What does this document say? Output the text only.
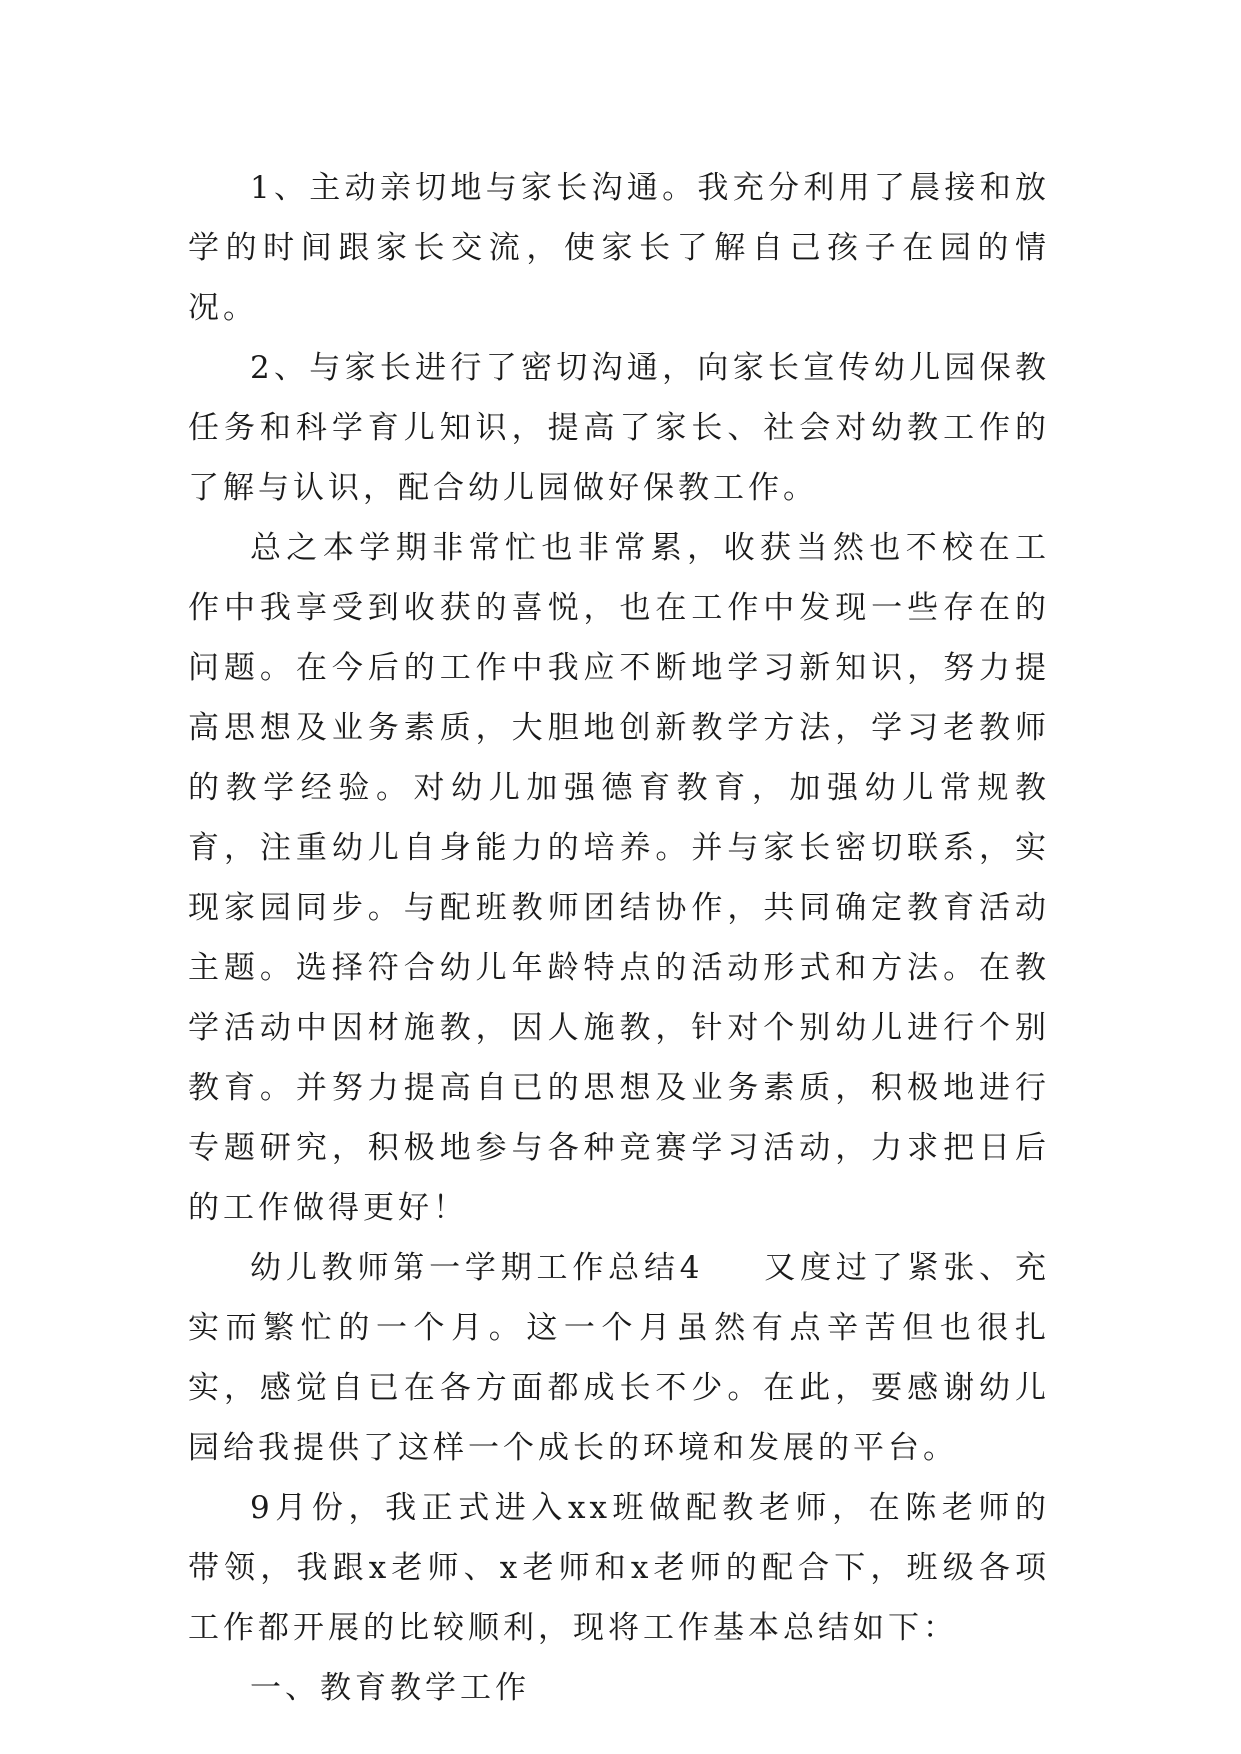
1、主动亲切地与家长沟通。我充分利用了晨接和放学的时间跟家长交流，使家长了解自己孩子在园的情况。

2、与家长进行了密切沟通，向家长宣传幼儿园保教任务和科学育儿知识，提高了家长、社会对幼教工作的了解与认识，配合幼儿园做好保教工作。

总之本学期非常忙也非常累，收获当然也不校在工作中我享受到收获的喜悦，也在工作中发现一些存在的问题。在今后的工作中我应不断地学习新知识，努力提高思想及业务素质，大胆地创新教学方法，学习老教师的教学经验。对幼儿加强德育教育，加强幼儿常规教育，注重幼儿自身能力的培养。并与家长密切联系，实现家园同步。与配班教师团结协作，共同确定教育活动主题。选择符合幼儿年龄特点的活动形式和方法。在教学活动中因材施教，因人施教，针对个别幼儿进行个别教育。并努力提高自已的思想及业务素质，积极地进行专题研究，积极地参与各种竞赛学习活动，力求把日后的工作做得更好！

幼儿教师第一学期工作总结4 又度过了紧张、充实而繁忙的一个月。这一个月虽然有点辛苦但也很扎实，感觉自已在各方面都成长不少。在此，要感谢幼儿园给我提供了这样一个成长的环境和发展的平台。

9月份，我正式进入xx班做配教老师，在陈老师的带领，我跟x老师、x老师和x老师的配合下，班级各项工作都开展的比较顺利，现将工作基本总结如下：

一、教育教学工作
